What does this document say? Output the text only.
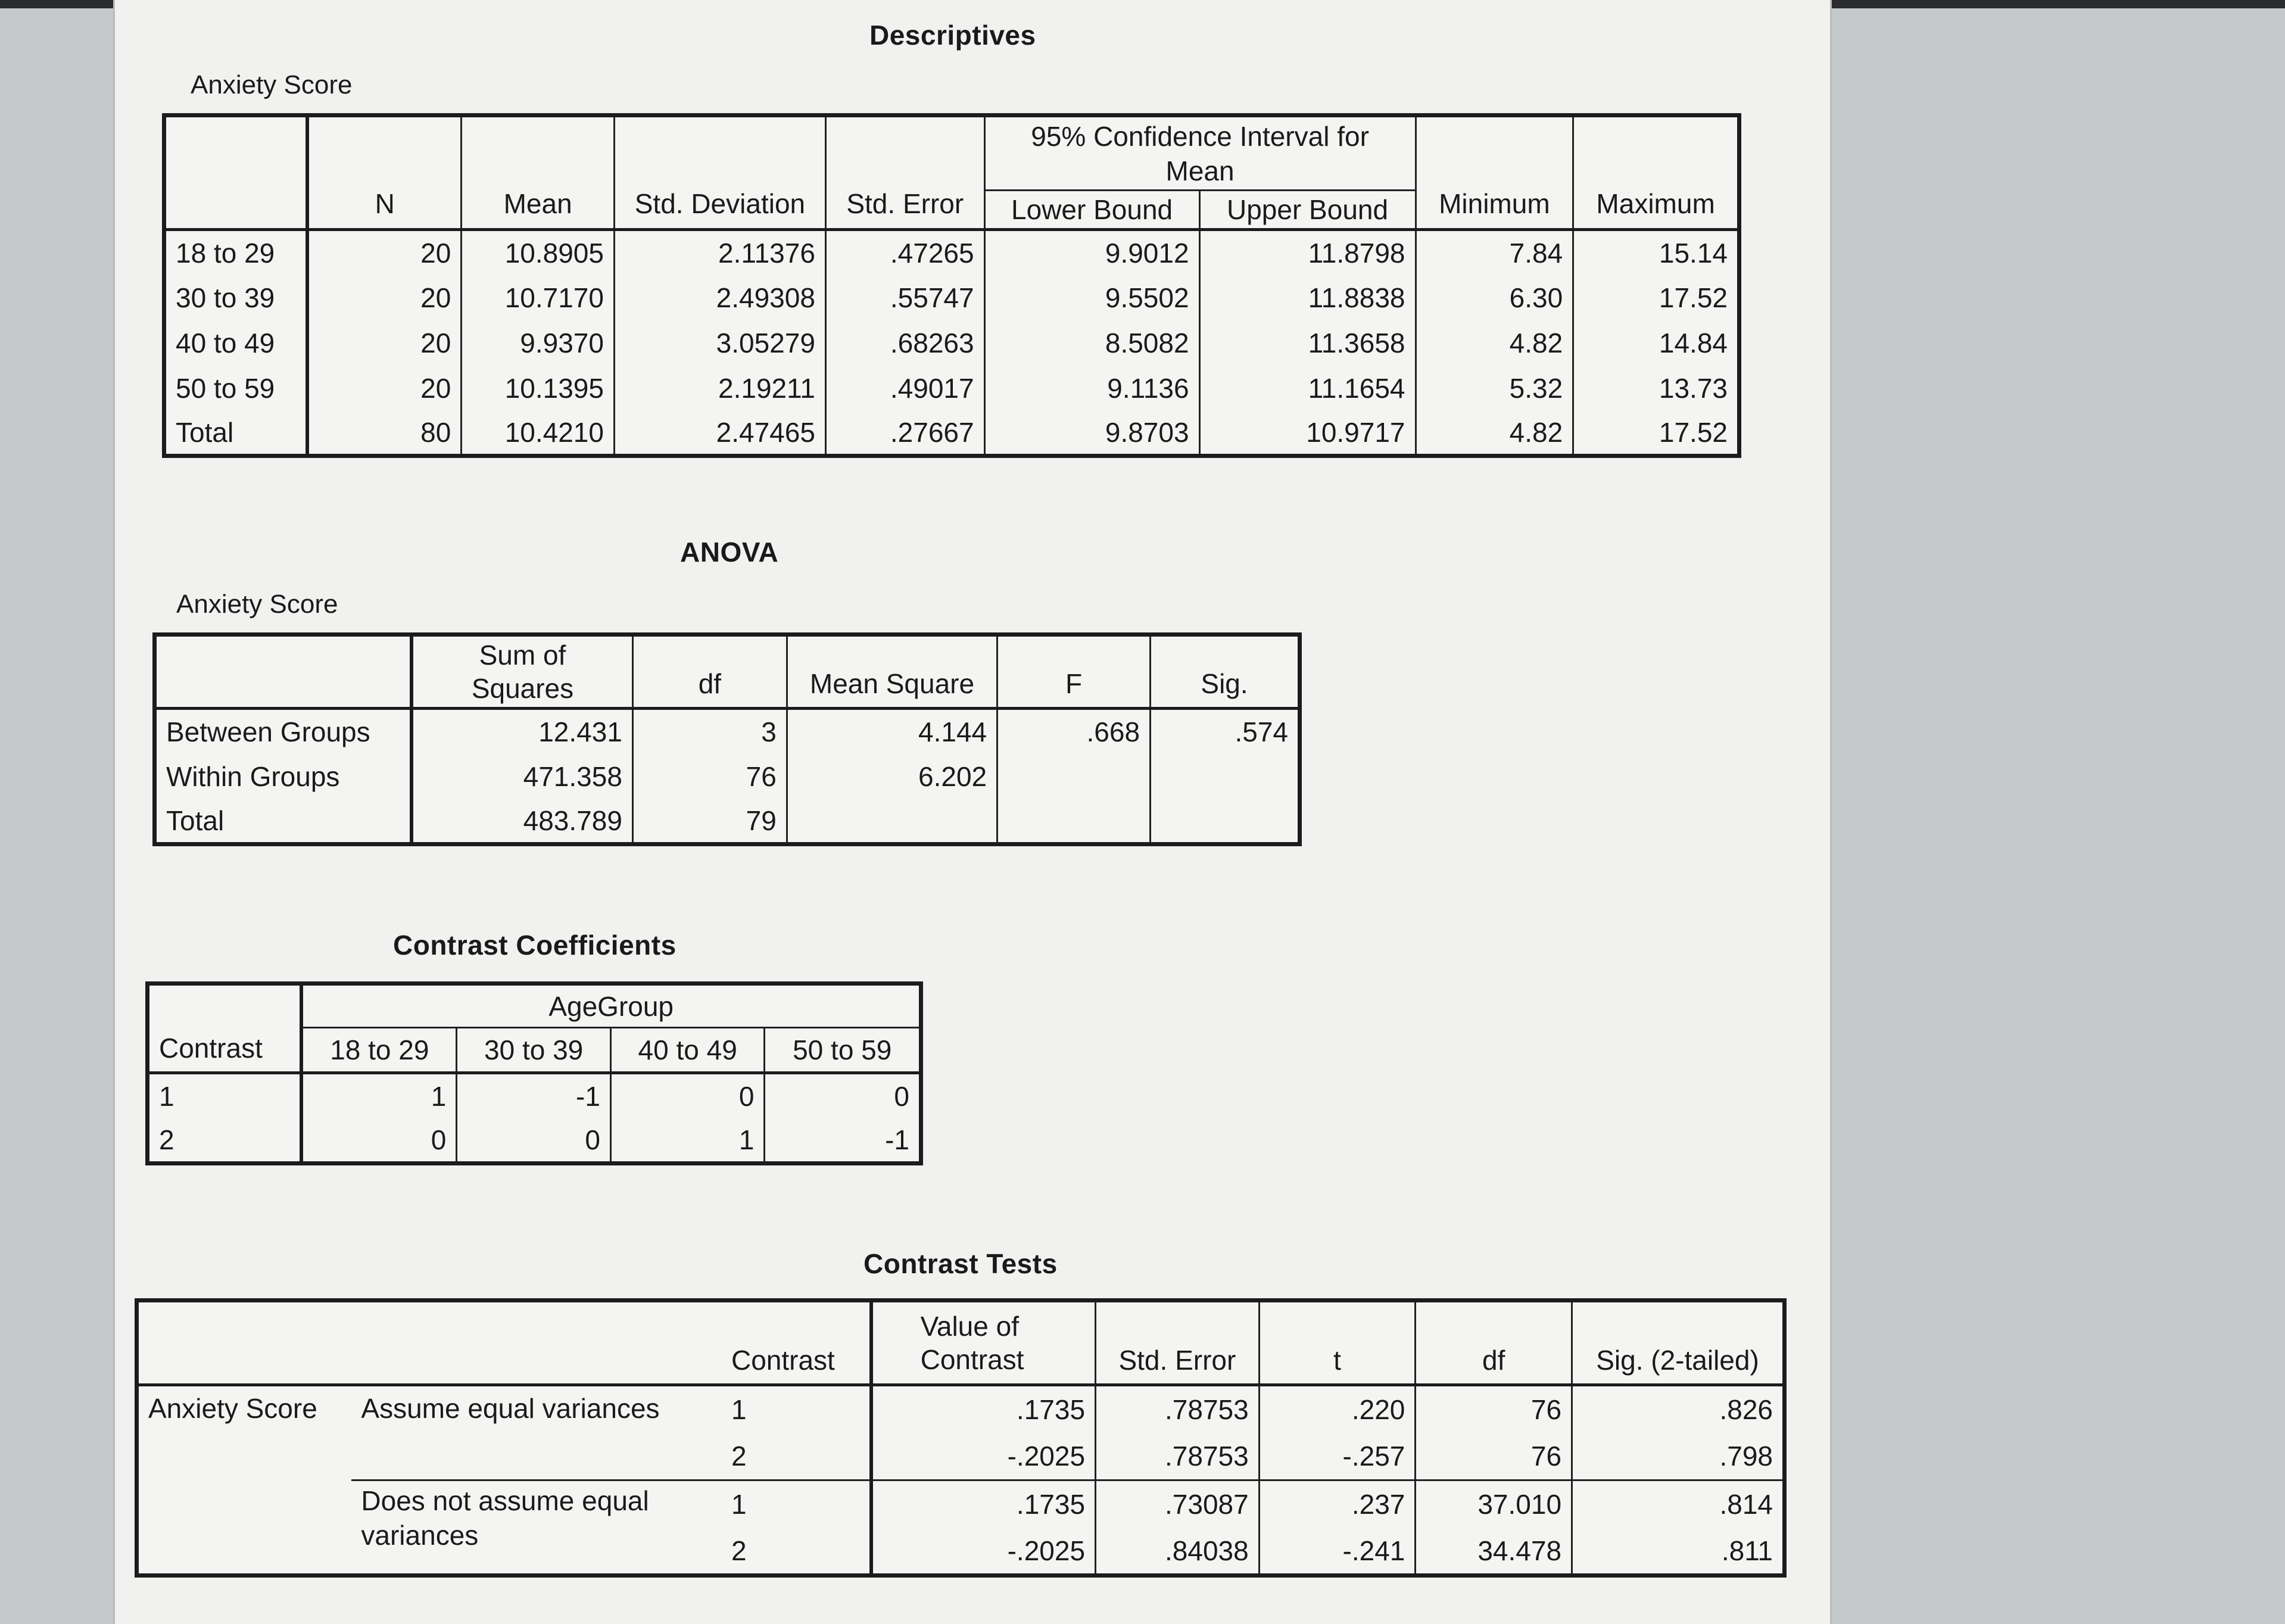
Descriptives
Anxiety Score
	N	Mean	Std. Deviation	Std. Error	95% Confidence Interval for Mean		Minimum	Maximum
					Lower Bound	Upper Bound		
18 to 29	20	10.8905	2.11376	.47265	9.9012	11.8798	7.84	15.14
30 to 39	20	10.7170	2.49308	.55747	9.5502	11.8838	6.30	17.52
40 to 49	20	9.9370	3.05279	.68263	8.5082	11.3658	4.82	14.84
50 to 59	20	10.1395	2.19211	.49017	9.1136	11.1654	5.32	13.73
Total	80	10.4210	2.47465	.27667	9.8703	10.9717	4.82	17.52
ANOVA
Anxiety Score
	Sum of Squares	df	Mean Square	F	Sig.
Between Groups	12.431	3	4.144	.668	.574
Within Groups	471.358	76	6.202		
Total	483.789	79			
Contrast Coefficients
Contrast	AgeGroup			
	18 to 29	30 to 39	40 to 49	50 to 59
1	1	-1	0	0
2	0	0	1	-1
Contrast Tests
		Contrast	Value of Contrast	Std. Error	t	df	Sig. (2-tailed)
Anxiety Score	Assume equal variances	1	.1735	.78753	.220	76	.826
		2	-.2025	.78753	-.257	76	.798
	Does not assume equal variances	1	.1735	.73087	.237	37.010	.814
		2	-.2025	.84038	-.241	34.478	.811
